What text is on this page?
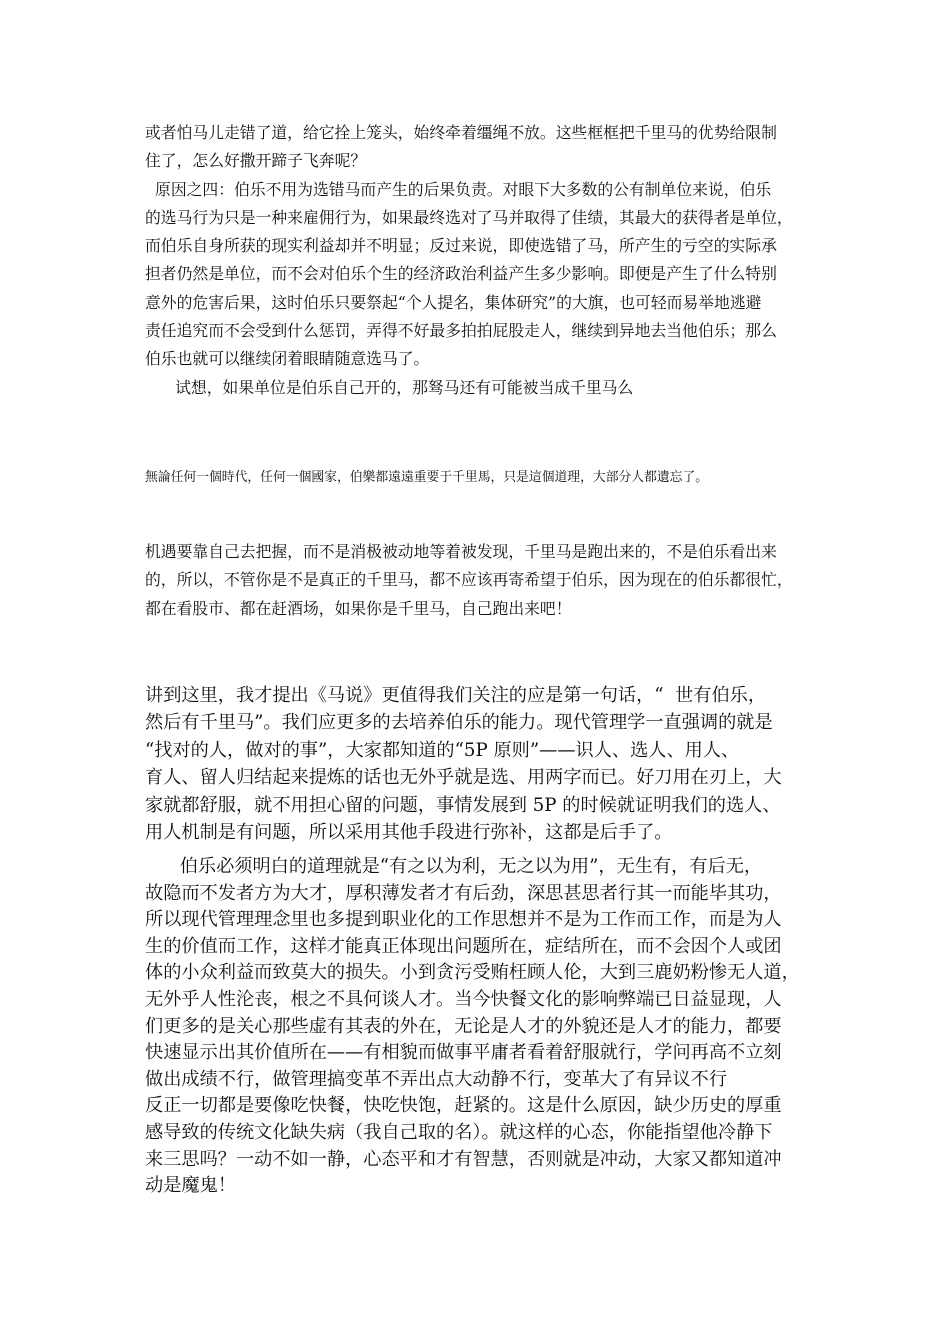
或者怕马儿走错了道，给它拴上笼头，始终牵着缰绳不放。这些框框把千里马的优势给限制
住了，怎么好撒开蹄子飞奔呢？
原因之四：伯乐不用为选错马而产生的后果负责。对眼下大多数的公有制单位来说，伯乐
的选马行为只是一种来雇佣行为，如果最终选对了马并取得了佳绩，其最大的获得者是单位，
而伯乐自身所获的现实利益却并不明显；反过来说，即使选错了马，所产生的亏空的实际承
担者仍然是单位，而不会对伯乐个生的经济政治利益产生多少影响。即便是产生了什么特别
意外的危害后果，这时伯乐只要祭起“个人提名，集体研究”的大旗，也可轻而易举地逃避
责任追究而不会受到什么惩罚，弄得不好最多拍拍屁股走人，继续到异地去当他伯乐；那么
伯乐也就可以继续闭着眼睛随意选马了。
试想，如果单位是伯乐自己开的，那驽马还有可能被当成千里马么
無論任何一個時代，任何一個國家，伯樂都遠遠重要于千里馬，只是這個道理，大部分人都遺忘了。
机遇要靠自己去把握，而不是消极被动地等着被发现，千里马是跑出来的，不是伯乐看出来
的，所以，不管你是不是真正的千里马，都不应该再寄希望于伯乐，因为现在的伯乐都很忙，
都在看股市、都在赶酒场，如果你是千里马，自己跑出来吧！
讲到这里，我才提出《马说》更值得我们关注的应是第一句话，“  世有伯乐，
然后有千里马”。我们应更多的去培养伯乐的能力。现代管理学一直强调的就是
“找对的人，做对的事”，大家都知道的“5P 原则”——识人、选人、用人、
育人、留人归结起来提炼的话也无外乎就是选、用两字而已。好刀用在刃上，大
家就都舒服，就不用担心留的问题，事情发展到 5P 的时候就证明我们的选人、
用人机制是有问题，所以采用其他手段进行弥补，这都是后手了。
伯乐必须明白的道理就是“有之以为利，无之以为用”，无生有，有后无，
故隐而不发者方为大才，厚积薄发者才有后劲，深思甚思者行其一而能毕其功，
所以现代管理理念里也多提到职业化的工作思想并不是为工作而工作，而是为人
生的价值而工作，这样才能真正体现出问题所在，症结所在，而不会因个人或团
体的小众利益而致莫大的损失。小到贪污受贿枉顾人伦，大到三鹿奶粉惨无人道，
无外乎人性沦丧，根之不具何谈人才。当今快餐文化的影响弊端已日益显现，人
们更多的是关心那些虚有其表的外在，无论是人才的外貌还是人才的能力，都要
快速显示出其价值所在——有相貌而做事平庸者看着舒服就行，学问再高不立刻
做出成绩不行，做管理搞变革不弄出点大动静不行，变革大了有异议不行
反正一切都是要像吃快餐，快吃快饱，赶紧的。这是什么原因，缺少历史的厚重
感导致的传统文化缺失病（我自己取的名）。就这样的心态，你能指望他冷静下
来三思吗？一动不如一静，心态平和才有智慧，否则就是冲动，大家又都知道冲
动是魔鬼！
